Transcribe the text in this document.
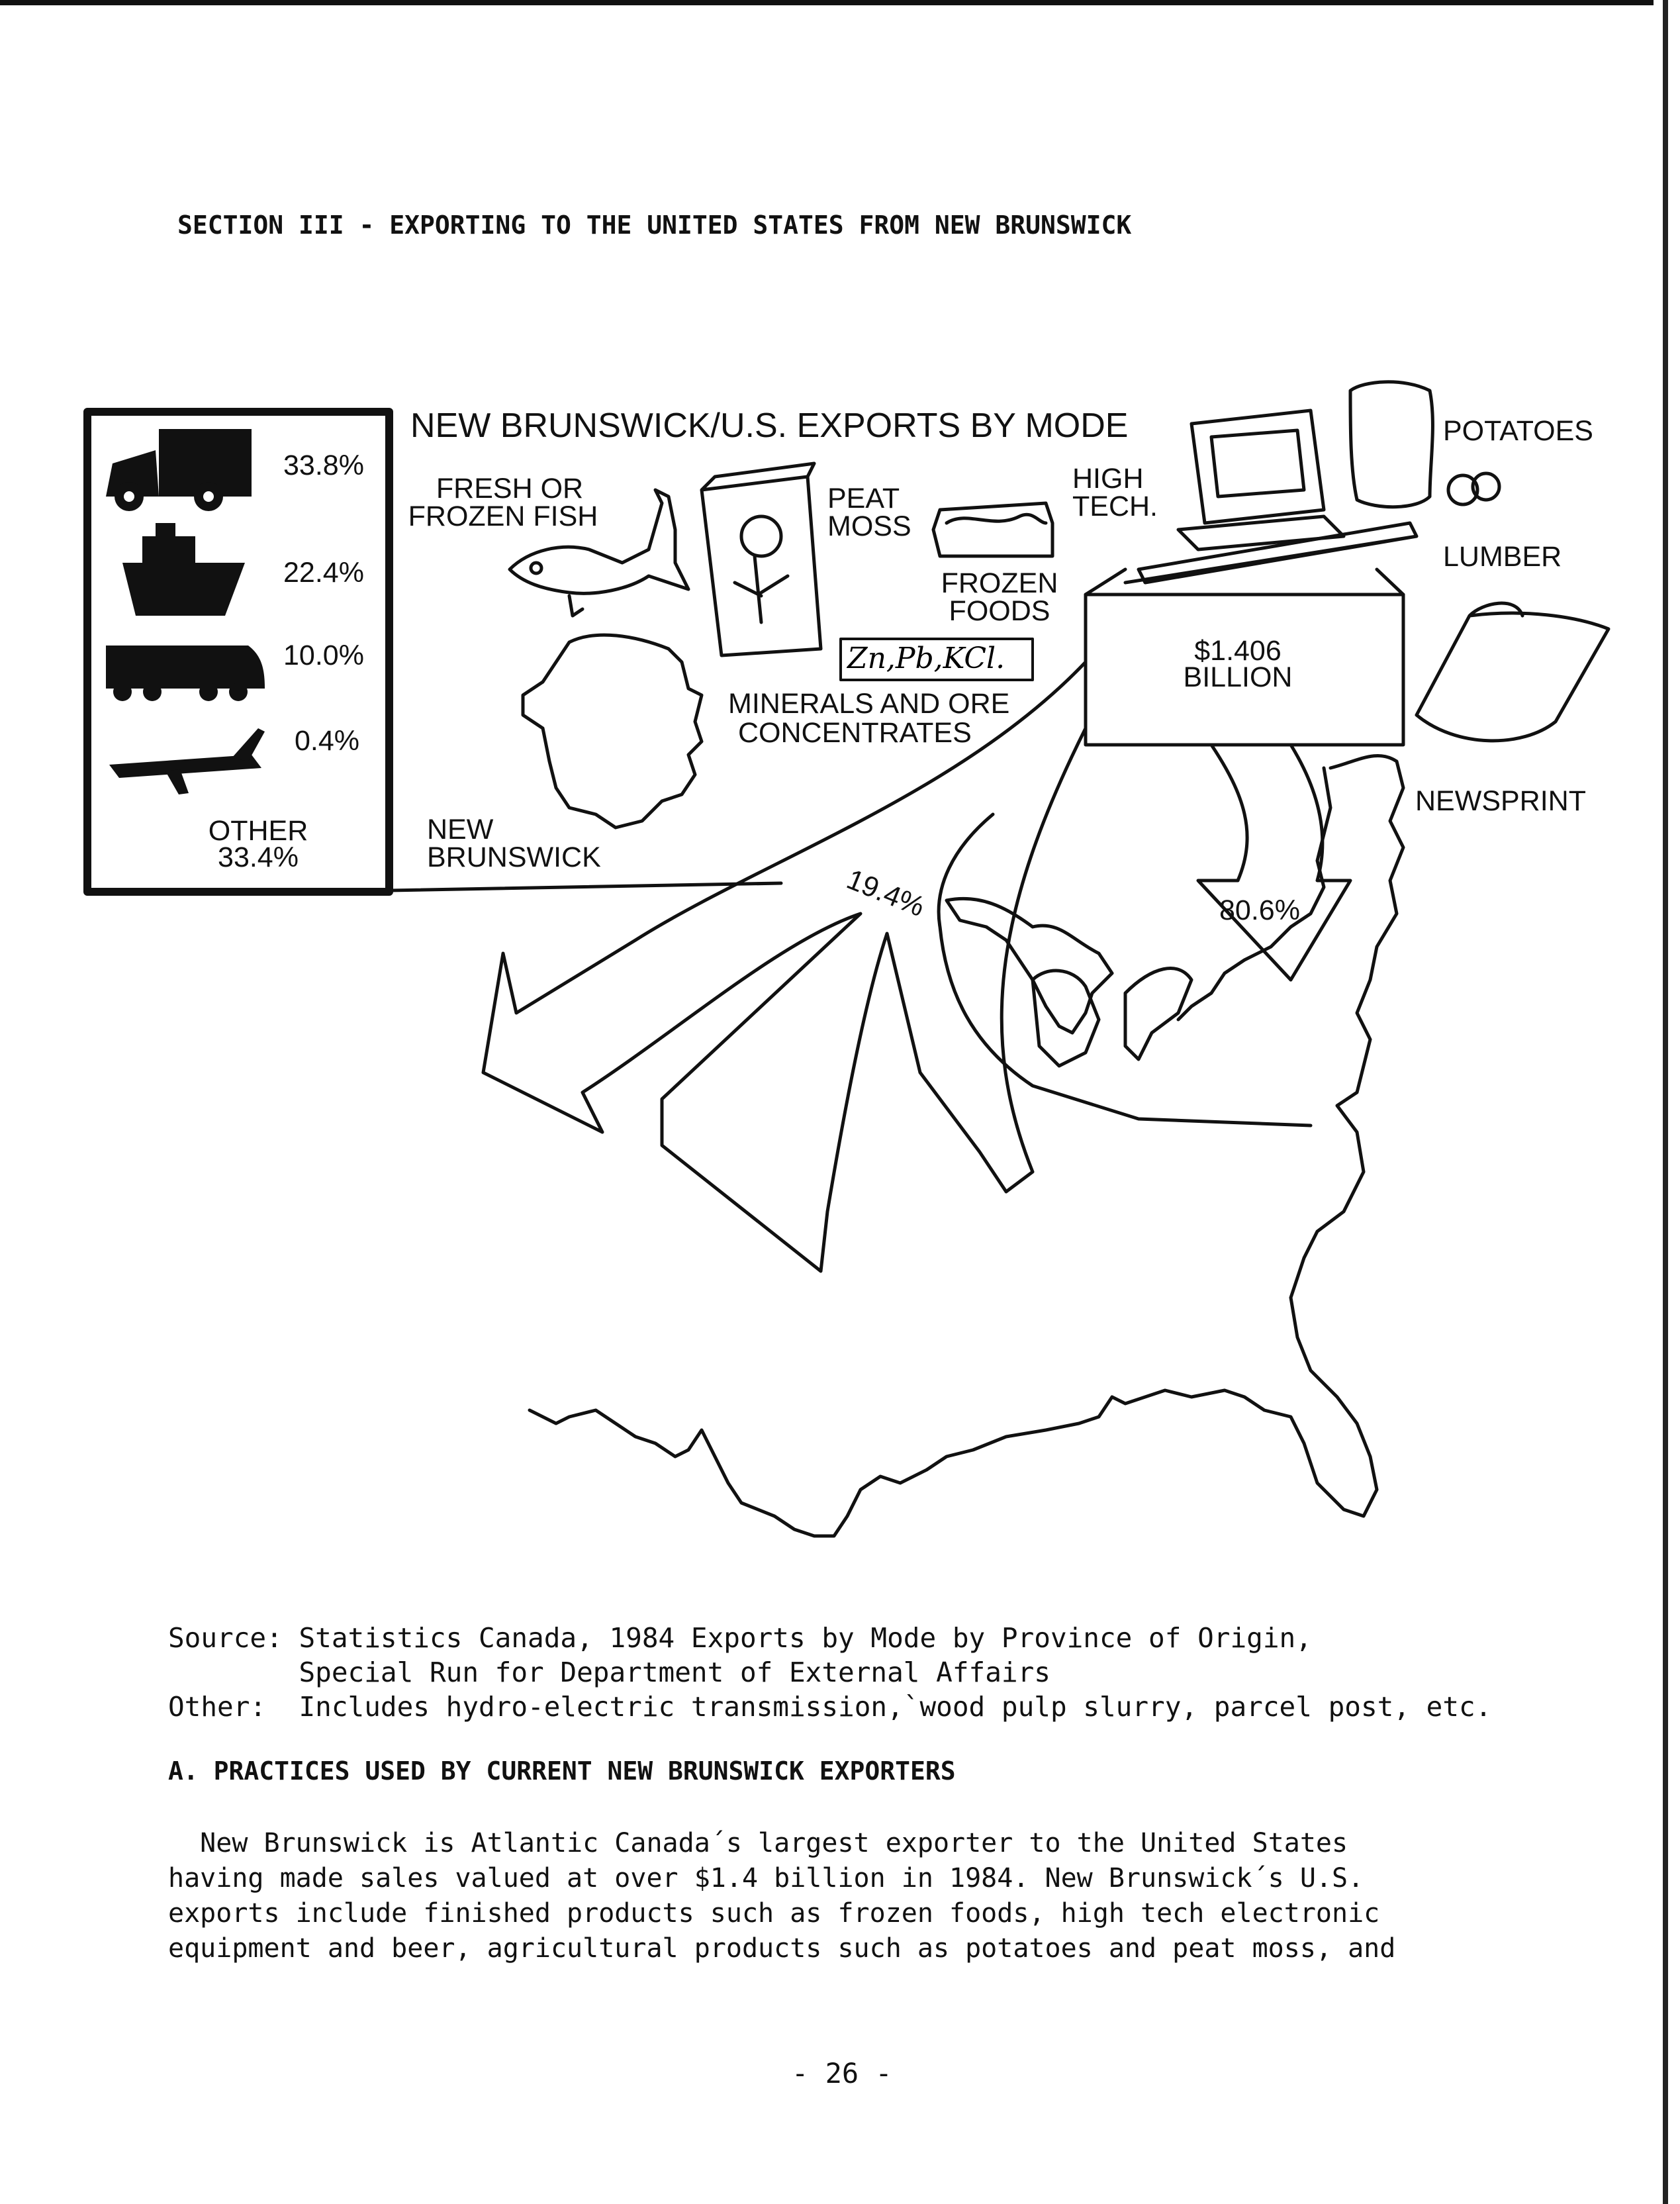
SECTION III - EXPORTING TO THE UNITED STATES FROM NEW BRUNSWICK
NEW BRUNSWICK/U.S. EXPORTS BY MODE
33.8%
22.4%
10.0%
0.4%
OTHER
33.4%
FRESH OR
FROZEN FISH
PEAT
MOSS
FROZEN
FOODS
HIGH
TECH.
POTATOES
LUMBER
NEWSPRINT
MINERALS AND ORE
CONCENTRATES
Zn,Pb,KCl.	$1.406
BILLION
NEW
BRUNSWICK
19.4%	80.6%
Source: Statistics Canada, 1984 Exports by Mode by Province of Origin,
Special Run for Department of External Affairs
Other:  Includes hydro-electric transmission,`wood pulp slurry, parcel post, etc.
A. PRACTICES USED BY CURRENT NEW BRUNSWICK EXPORTERS
New Brunswick is Atlantic Canada´s largest exporter to the United States
having made sales valued at over $1.4 billion in 1984. New Brunswick´s U.S.
exports include finished products such as frozen foods, high tech electronic
equipment and beer, agricultural products such as potatoes and peat moss, and
- 26 -
